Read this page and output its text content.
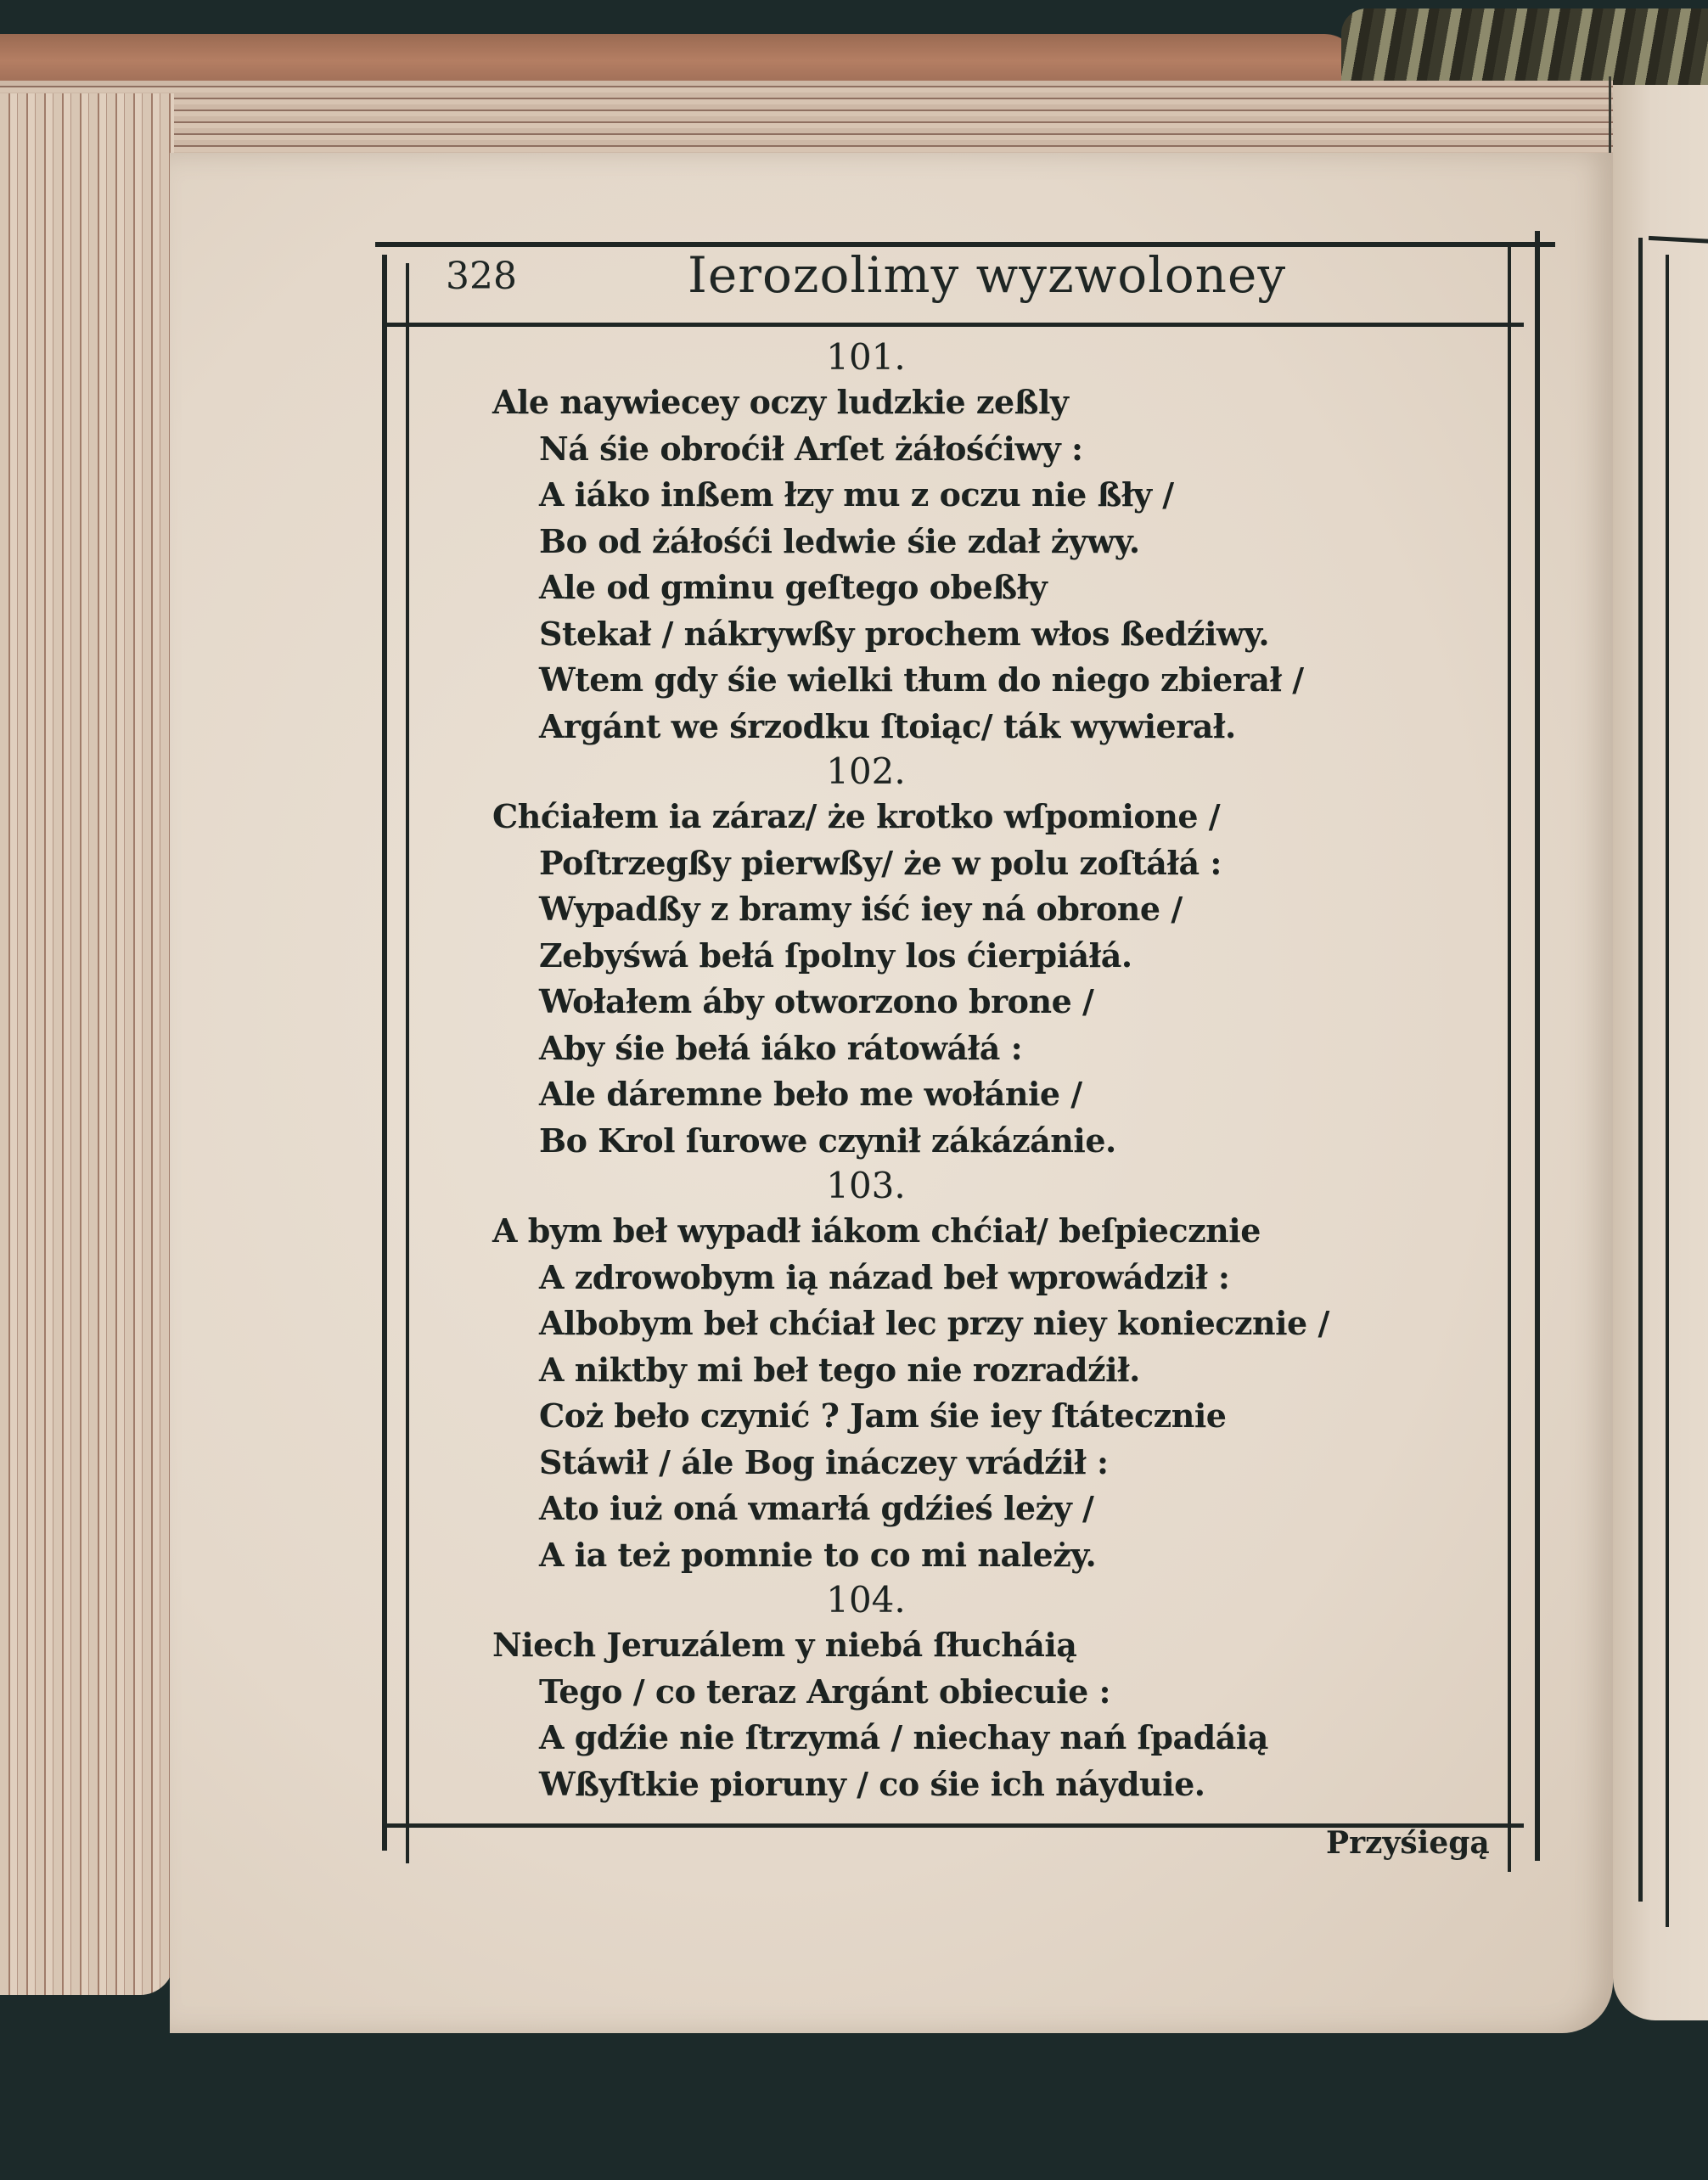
328	Ierozolimy wyzwoloney
101.
Ale naywiecey oczy ludzkie zeßly
Ná śie obroćił Arſet żáłośćiwy :
A iáko inßem łzy mu z oczu nie ßły /
Bo od żáłośći ledwie śie zdał żywy.
Ale od gminu geſtego obeßły
Stekał / nákrywßy prochem włos ßedźiwy.
Wtem gdy śie wielki tłum do niego zbierał /
Argánt we śrzodku ſtoiąc/ ták wywierał.
102.
Chćiałem ia záraz/ że krotko wſpomione /
Poſtrzegßy pierwßy/ że w polu zoſtáłá :
Wypadßy z bramy iść iey ná obrone /
Zebyśwá bełá ſpolny los ćierpiáłá.
Wołałem áby otworzono brone /
Aby śie bełá iáko rátowáłá :
Ale dáremne beło me wołánie /
Bo Krol ſurowe czynił zákázánie.
103.
A bym beł wypadł iákom chćiał/ beſpiecznie
A zdrowobym ią názad beł wprowádził :
Albobym beł chćiał lec przy niey koniecznie /
A niktby mi beł tego nie rozradźił.
Coż beło czynić ? Jam śie iey ſtátecznie
Stáwił / ále Bog ináczey vrádźił :
Ato iuż oná vmarłá gdźieś leży /
A ia też pomnie to co mi należy.
104.
Niech Jeruzálem y niebá ſłucháią
Tego / co teraz Argánt obiecuie :
A gdźie nie ſtrzymá / niechay nań ſpadáią
Wßyſtkie pioruny / co śie ich náyduie.
Przyśiegą
